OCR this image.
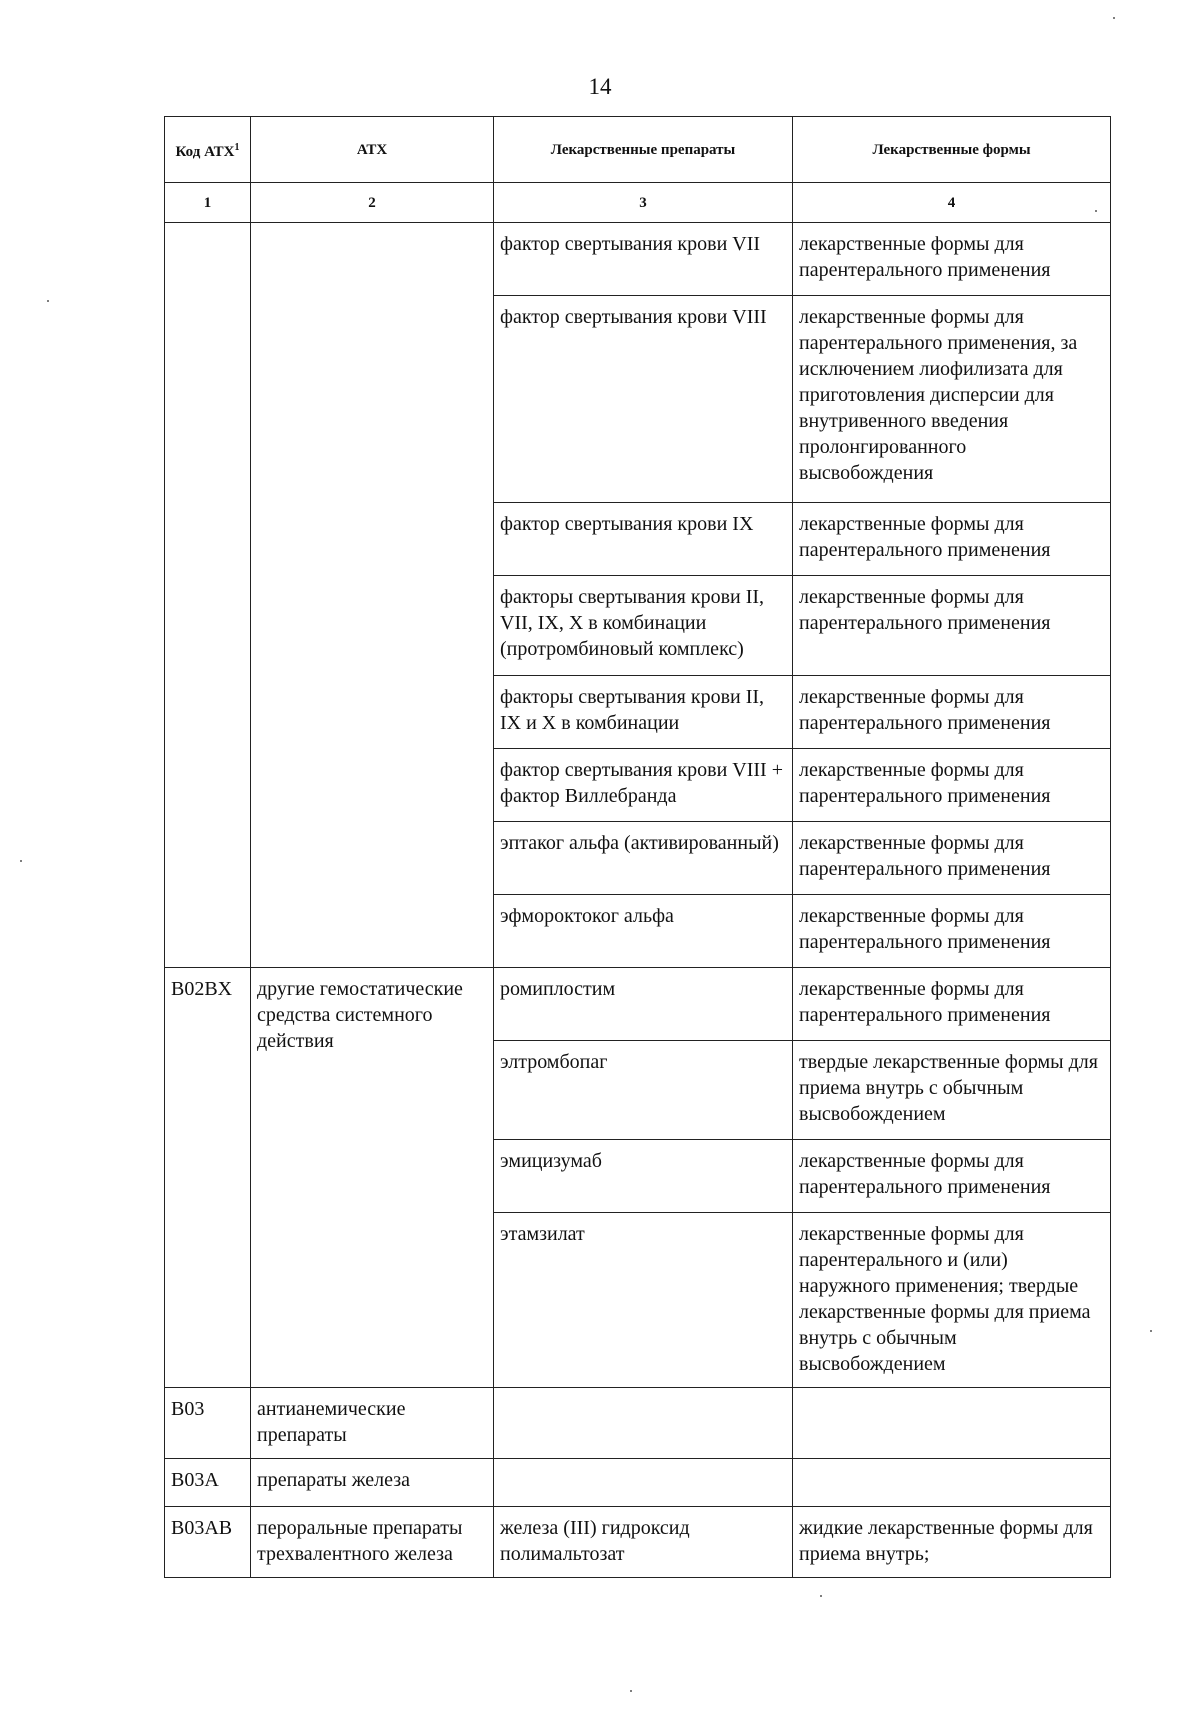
14
Код АТХ$^1$	АТХ	Лекарственные препараты	Лекарственные формы
1	2	3	4
		фактор свертывания крови VII	лекарственные формы для парентерального применения
		фактор свертывания крови VIII	лекарственные формы для парентерального применения, за исключением лиофилизата для приготовления дисперсии для внутривенного введения пролонгированного высвобождения
		фактор свертывания крови IX	лекарственные формы для парентерального применения
		факторы свертывания крови II, VII, IX, X в комбинации (протромбиновый комплекс)	лекарственные формы для парентерального применения
		факторы свертывания крови II, IX и X в комбинации	лекарственные формы для парентерального применения
		фактор свертывания крови VIII + фактор Виллебранда	лекарственные формы для парентерального применения
		эптаког альфа (активированный)	лекарственные формы для парентерального применения
		эфмороктоког альфа	лекарственные формы для парентерального применения
B02BX	другие гемостатические средства системного действия	ромиплостим	лекарственные формы для парентерального применения
		элтромбопаг	твердые лекарственные формы для приема внутрь с обычным высвобождением
		эмицизумаб	лекарственные формы для парентерального применения
		этамзилат	лекарственные формы для парентерального и (или) наружного применения; твердые лекарственные формы для приема внутрь с обычным высвобождением
B03	антианемические препараты		
B03A	препараты железа		
B03AB	пероральные препараты трехвалентного железа	железа (III) гидроксид полимальтозат	жидкие лекарственные формы для приема внутрь;
